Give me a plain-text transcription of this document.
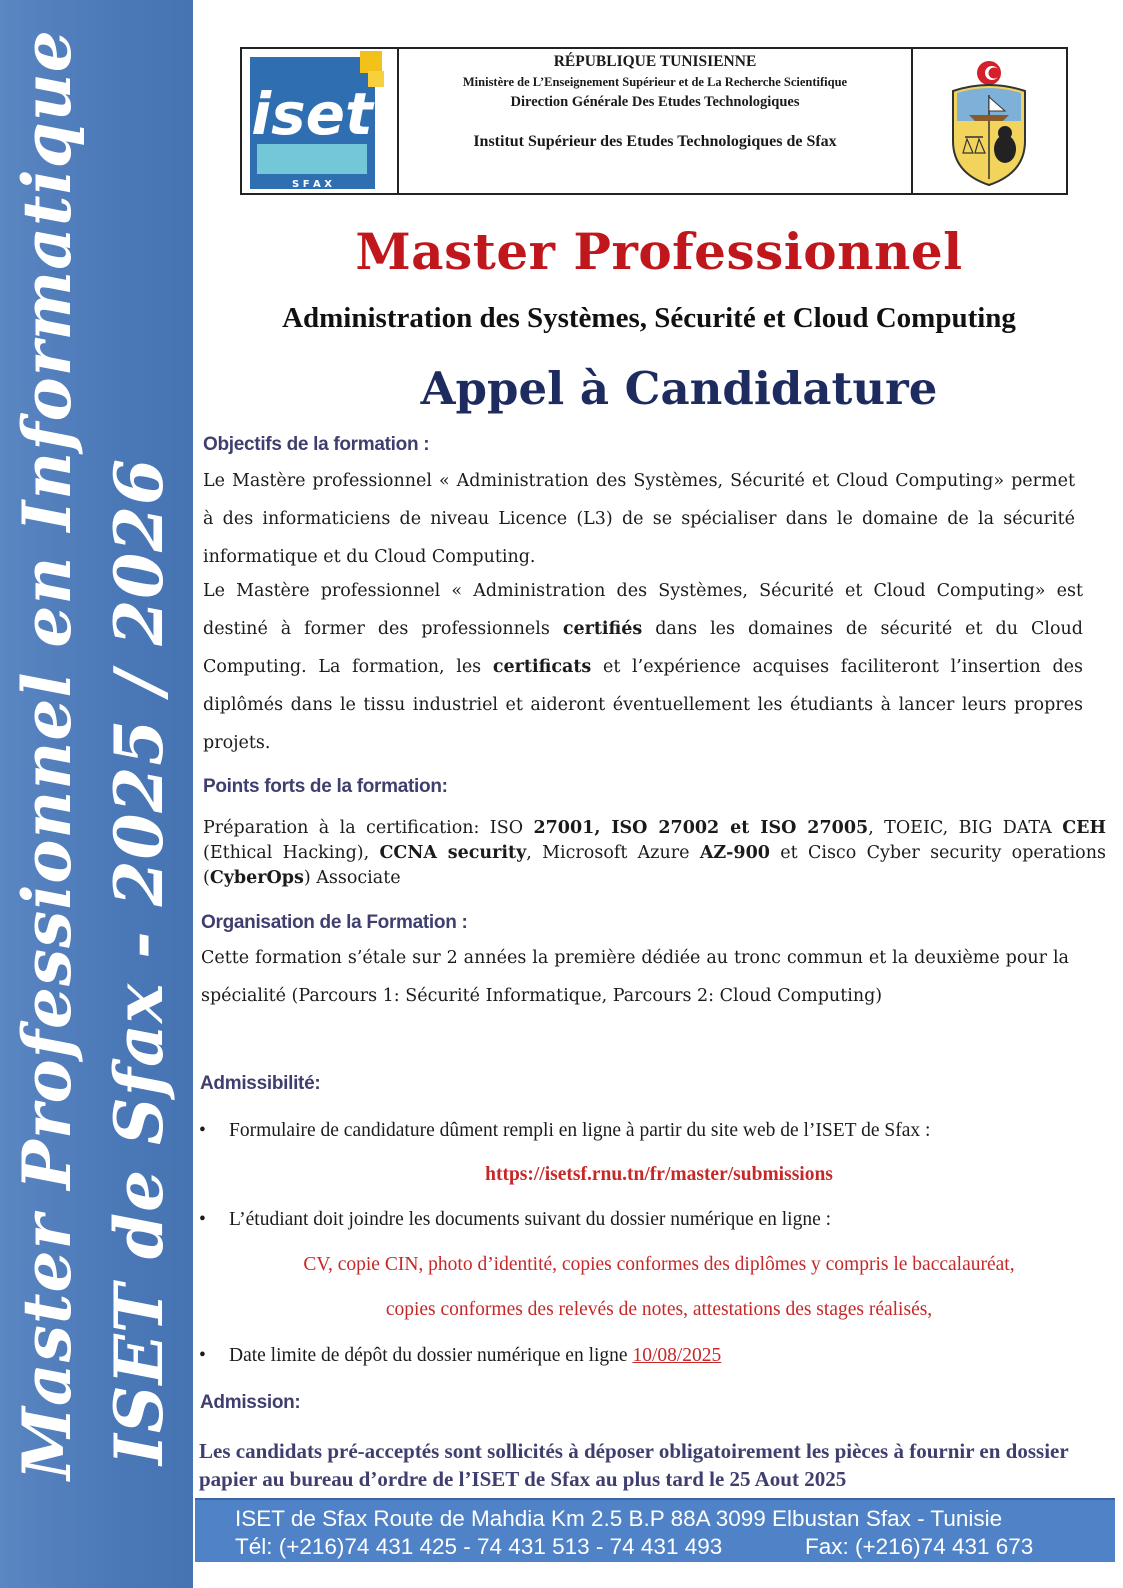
Master Professionnel en Informatique ISET de Sfax - 2025 / 2026
iset
S F A X
RÉPUBLIQUE TUNISIENNE
Ministère de L’Enseignement Supérieur et de La Recherche Scientifique
Direction Générale Des Etudes Technologiques
Institut Supérieur des Etudes Technologiques de Sfax
Master Professionnel
Administration des Systèmes, Sécurité et Cloud Computing
Appel à Candidature
Objectifs de la formation :
Le Mastère professionnel « Administration des Systèmes, Sécurité et Cloud Computing» permet à des informaticiens de niveau Licence (L3) de se spécialiser dans le domaine de la sécurité informatique et du Cloud Computing.
Le Mastère professionnel « Administration des Systèmes, Sécurité et Cloud Computing» est destiné à former des professionnels certifiés dans les domaines de sécurité et du Cloud Computing. La formation, les certificats et l’expérience acquises faciliteront l’insertion des diplômés dans le tissu industriel et aideront éventuellement les étudiants à lancer leurs propres projets.
Points forts de la formation:
Préparation à la certification: ISO 27001, ISO 27002 et ISO 27005, TOEIC, BIG DATA CEH (Ethical Hacking), CCNA security, Microsoft Azure AZ-900 et Cisco Cyber security operations (CyberOps) Associate
Organisation de la Formation :
Cette formation s’étale sur 2 années la première dédiée au tronc commun et la deuxième pour la spécialité (Parcours 1: Sécurité Informatique, Parcours 2: Cloud Computing)
Admissibilité:
• Formulaire de candidature dûment rempli en ligne à partir du site web de l’ISET de Sfax :
https://isetsf.rnu.tn/fr/master/submissions
• L’étudiant doit joindre les documents suivant du dossier numérique en ligne :
CV, copie CIN, photo d’identité, copies conformes des diplômes y compris le baccalauréat,
copies conformes des relevés de notes, attestations des stages réalisés,
• Date limite de dépôt du dossier numérique en ligne 10/08/2025
Admission:
Les candidats pré-acceptés sont sollicités à déposer obligatoirement les pièces à fournir en dossier papier au bureau d’ordre de l’ISET de Sfax au plus tard le 25 Aout 2025
ISET de Sfax Route de Mahdia Km 2.5 B.P 88A 3099 Elbustan Sfax - Tunisie
Tél: (+216)74 431 425 - 74 431 513 - 74 431 493	Fax: (+216)74 431 673
